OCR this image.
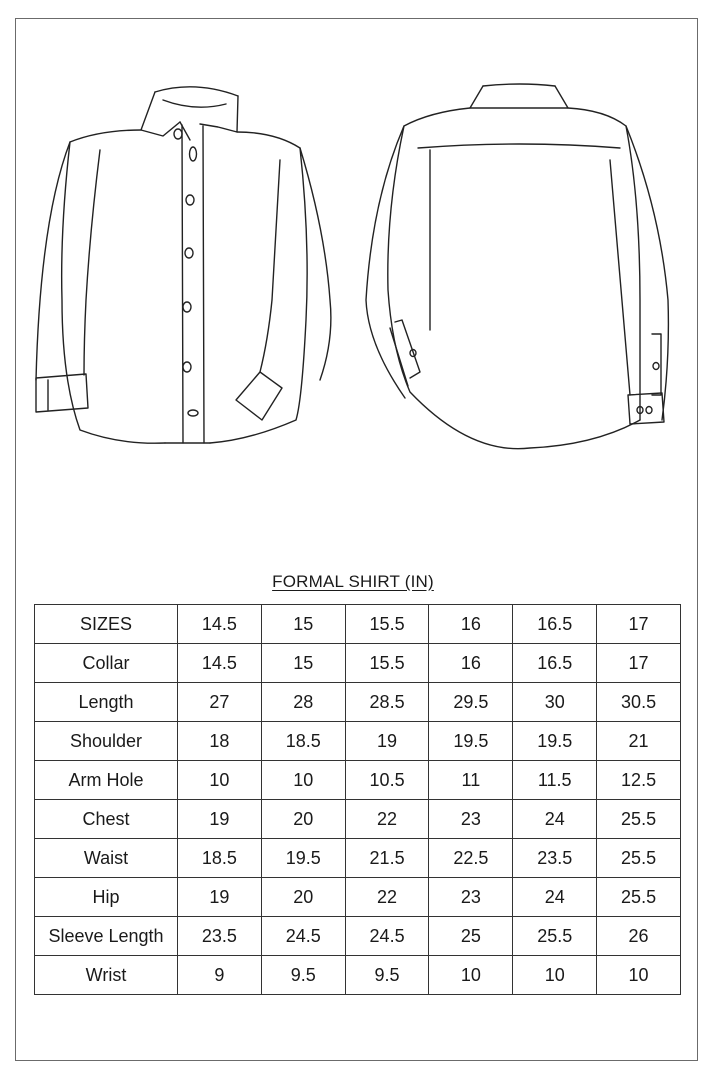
FORMAL SHIRT (IN)
SIZES	14.5	15	15.5	16	16.5	17
Collar	14.5	15	15.5	16	16.5	17
Length	27	28	28.5	29.5	30	30.5
Shoulder	18	18.5	19	19.5	19.5	21
Arm Hole	10	10	10.5	11	11.5	12.5
Chest	19	20	22	23	24	25.5
Waist	18.5	19.5	21.5	22.5	23.5	25.5
Hip	19	20	22	23	24	25.5
Sleeve Length	23.5	24.5	24.5	25	25.5	26
Wrist	9	9.5	9.5	10	10	10
